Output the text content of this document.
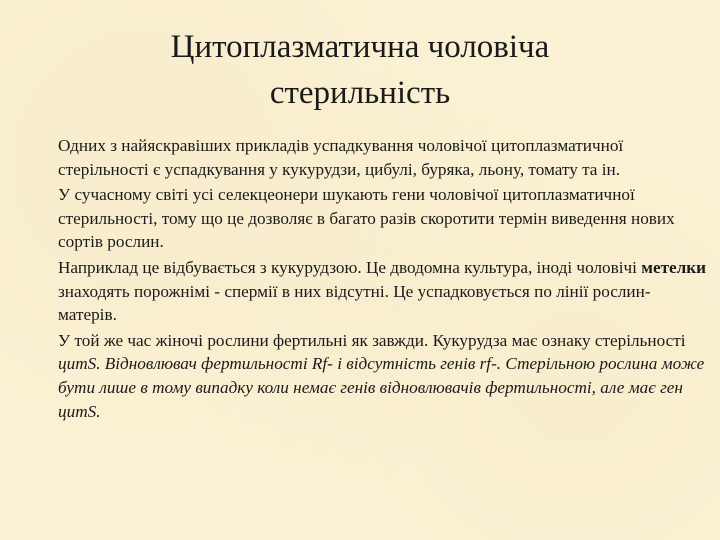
Цитоплазматична чоловіча
стерильність

Одних з найяскравіших прикладів успадкування чоловічої цитоплазматичної стерільності є успадкування у кукурудзи, цибулі, буряка, льону, томату та ін.

У сучасному світі усі селекцеонери шукають гени чоловічої цитоплазматичної стерильності, тому що це дозволяє в багато разів скоротити термін виведення нових сортів рослин.

Наприклад це відбувається з кукурудзою. Це дводомна культура, іноді чоловічі метелки знаходять порожнімі - спермії в них відсутні. Це успадковується по лінії рослин-матерів.

У той же час жіночі рослини фертильні як завжди. Кукурудза має ознаку стерільності цитS. Відновлювач фертильності Rf- і відсутність генів rf-. Стерільною рослина може бути лише в тому випадку коли немає генів відновлювачів фертильності, але має ген цитS.
